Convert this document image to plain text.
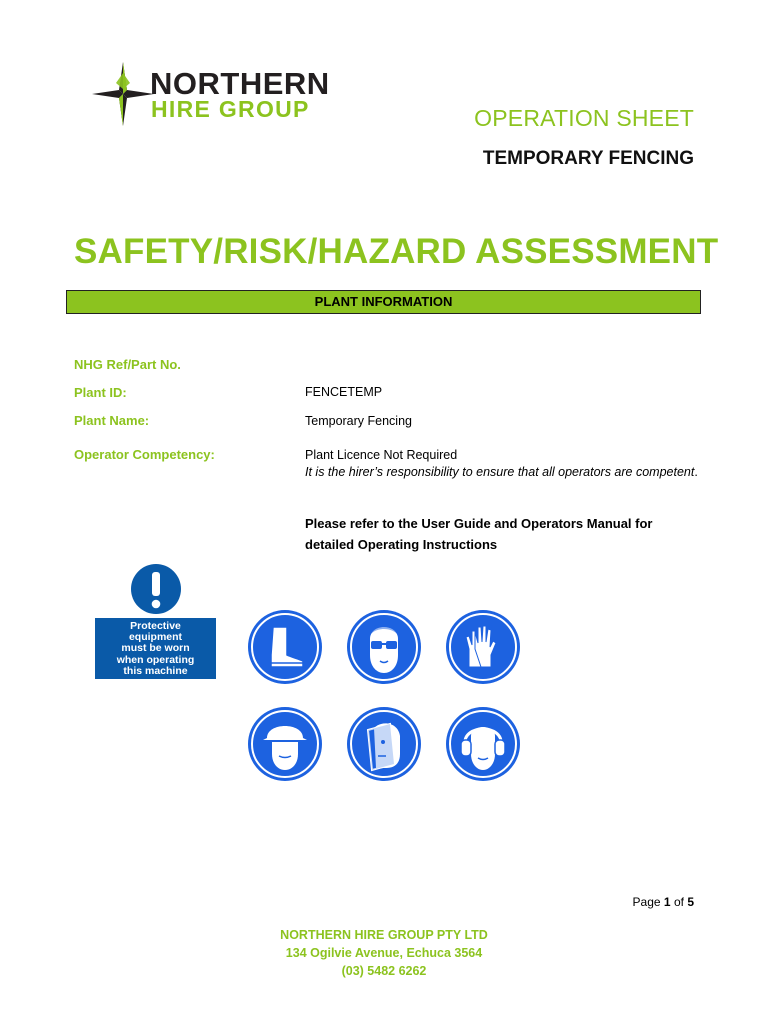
NORTHERN
HIRE GROUP	OPERATION SHEET
TEMPORARY FENCING
SAFETY/RISK/HAZARD ASSESSMENT
PLANT INFORMATION
NHG Ref/Part No.
Plant ID:	FENCETEMP
Plant Name:	Temporary Fencing
Operator Competency:	Plant Licence Not Required
It is the hirer’s responsibility to ensure that all operators are competent.
Please refer to the User Guide and Operators Manual for detailed Operating Instructions
Protective
equipment
must be worn
when operating
this machine
Page 1 of 5
NORTHERN HIRE GROUP PTY LTD
134 Ogilvie Avenue, Echuca 3564
(03) 5482 6262
